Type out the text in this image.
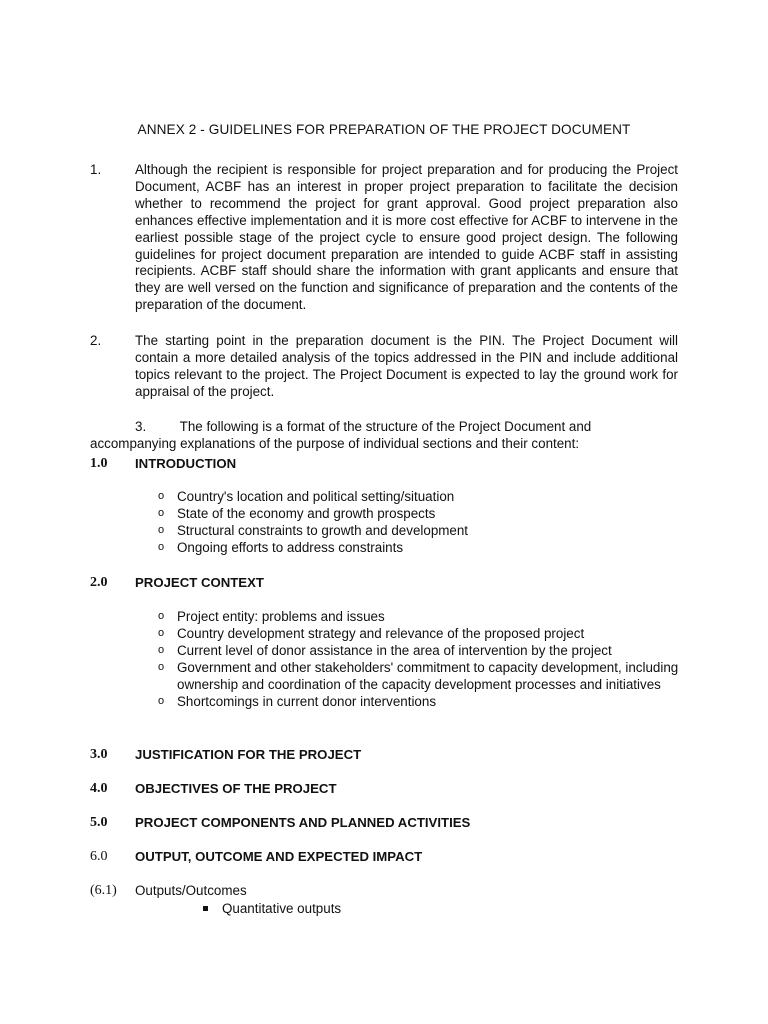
ANNEX 2 - GUIDELINES FOR PREPARATION OF THE PROJECT DOCUMENT
1.	Although the recipient is responsible for project preparation and for producing the Project Document, ACBF has an interest in proper project preparation to facilitate the decision whether to recommend the project for grant approval. Good project preparation also enhances effective implementation and it is more cost effective for ACBF to intervene in the earliest possible stage of the project cycle to ensure good project design. The following guidelines for project document preparation are intended to guide ACBF staff in assisting recipients. ACBF staff should share the information with grant applicants and ensure that they are well versed on the function and significance of preparation and the contents of the preparation of the document.
2.	The starting point in the preparation document is the PIN. The Project Document will contain a more detailed analysis of the topics addressed in the PIN and include additional topics relevant to the project. The Project Document is expected to lay the ground work for appraisal of the project.
3. The following is a format of the structure of the Project Document and accompanying explanations of the purpose of individual sections and their content:
1.0 INTRODUCTION
o Country's location and political setting/situation
o State of the economy and growth prospects
o Structural constraints to growth and development
o Ongoing efforts to address constraints
2.0 PROJECT CONTEXT
o Project entity: problems and issues
o Country development strategy and relevance of the proposed project
o Current level of donor assistance in the area of intervention by the project
o Government and other stakeholders' commitment to capacity development, including ownership and coordination of the capacity development processes and initiatives
o Shortcomings in current donor interventions
3.0 JUSTIFICATION FOR THE PROJECT
4.0 OBJECTIVES OF THE PROJECT
5.0 PROJECT COMPONENTS AND PLANNED ACTIVITIES
6.0 OUTPUT, OUTCOME AND EXPECTED IMPACT
(6.1) Outputs/Outcomes
Quantitative outputs
